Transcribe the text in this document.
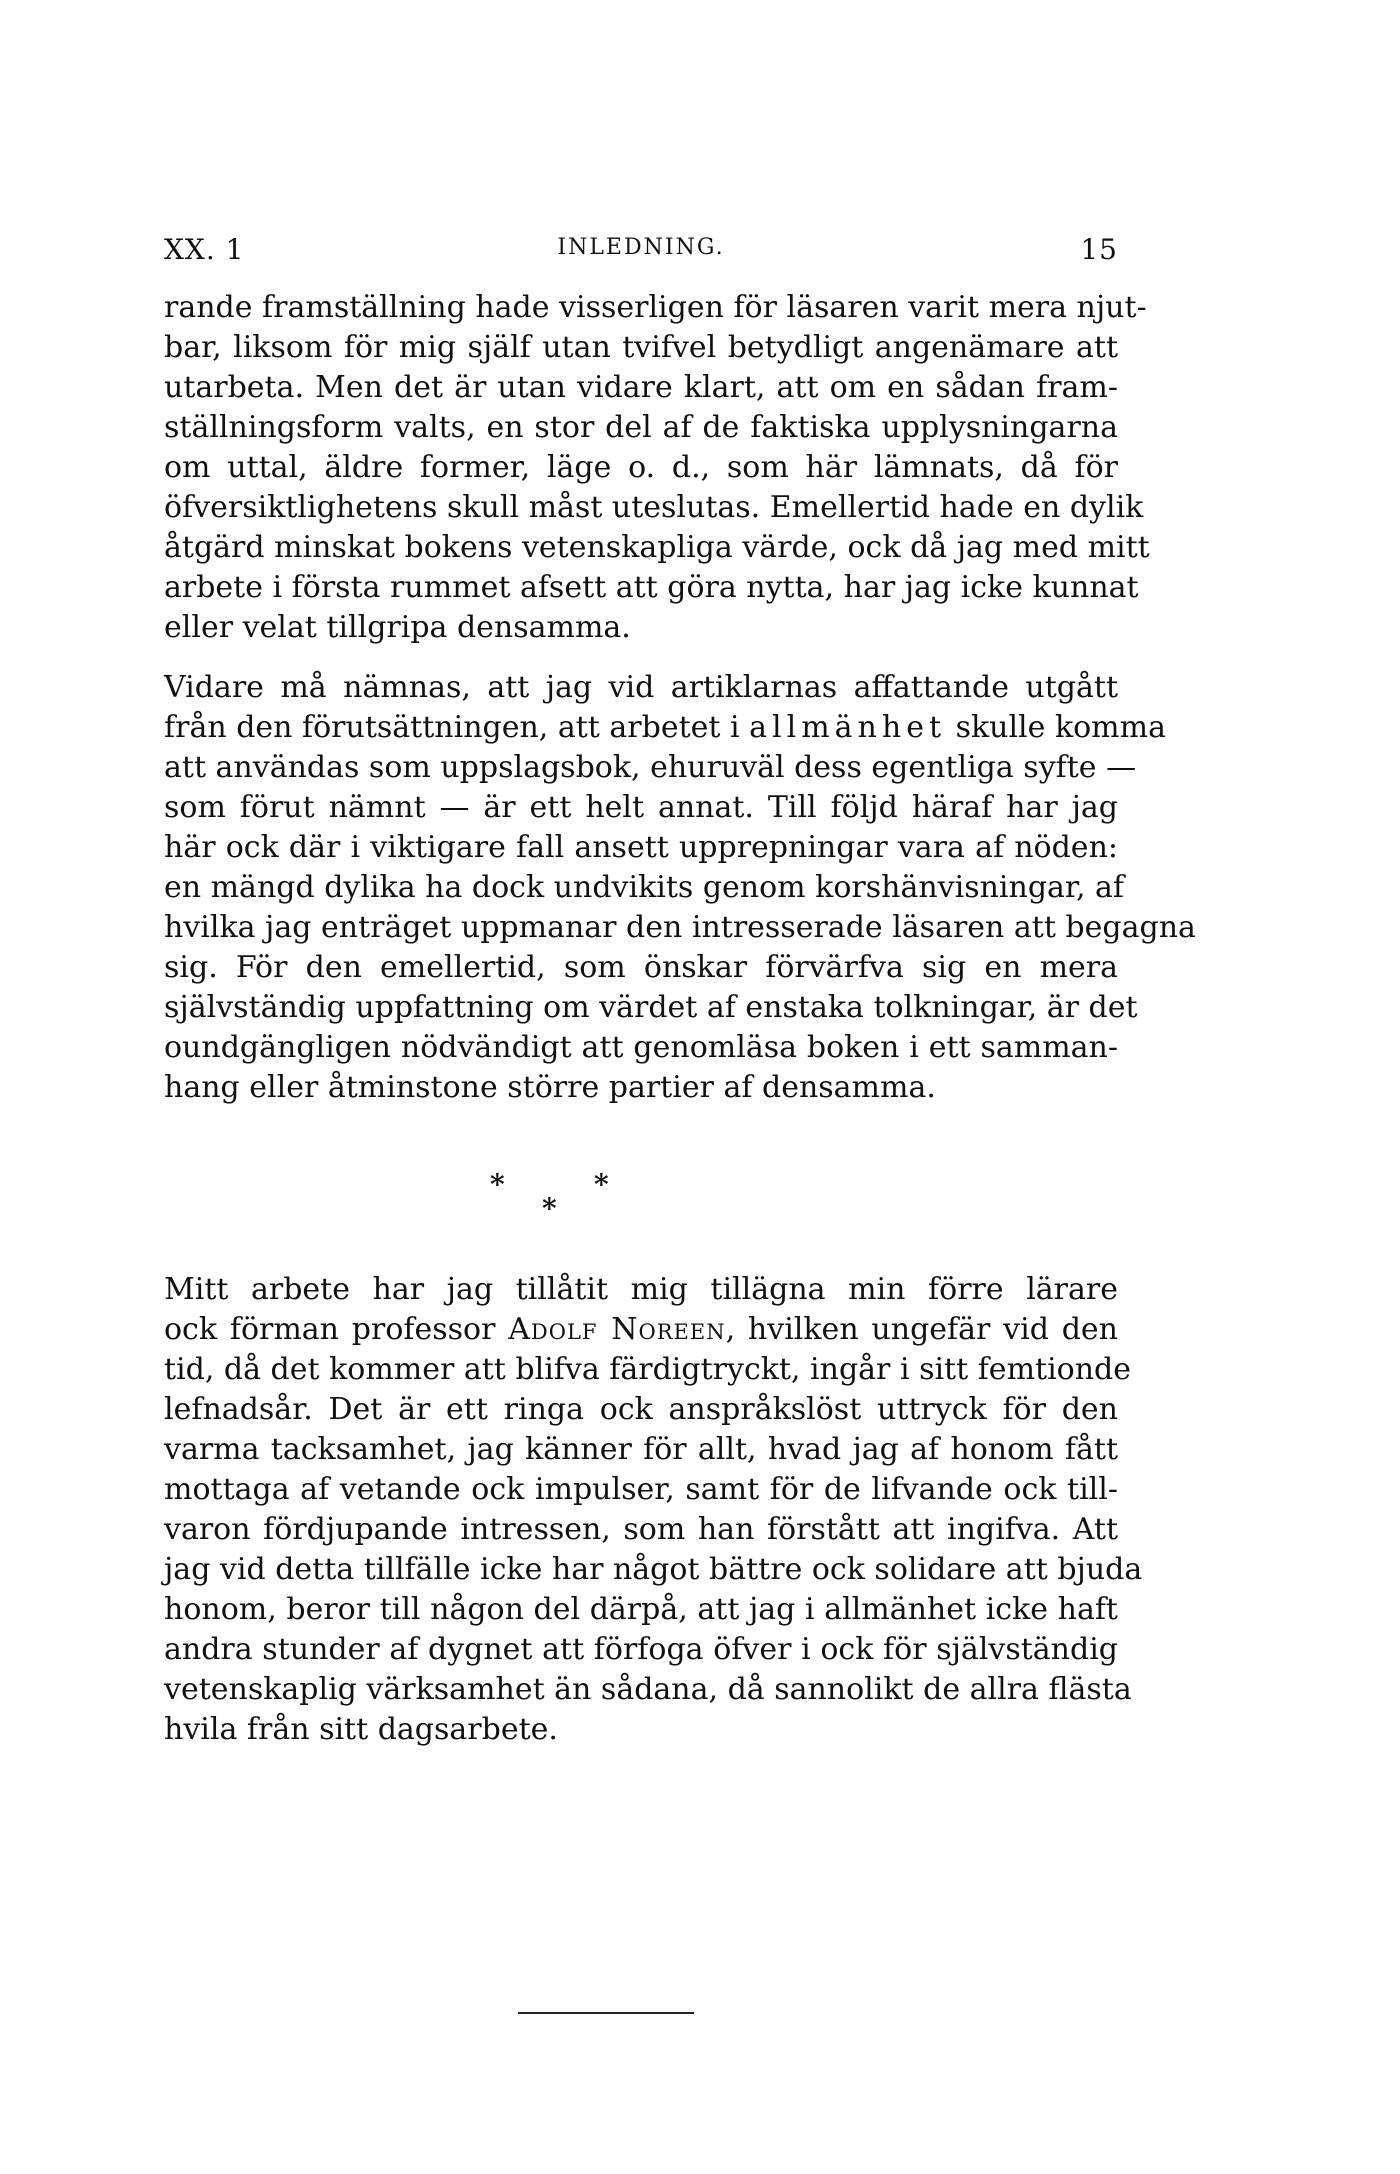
XX. 1	INLEDNING.	15
rande framställning hade visserligen för läsaren varit mera njut-
bar, liksom för mig själf utan tvifvel betydligt angenämare att
utarbeta. Men det är utan vidare klart, att om en sådan fram-
ställningsform valts, en stor del af de faktiska upplysningarna
om uttal, äldre former, läge o. d., som här lämnats, då för
öfversiktlighetens skull måst uteslutas. Emellertid hade en dylik
åtgärd minskat bokens vetenskapliga värde, ock då jag med mitt
arbete i första rummet afsett att göra nytta, har jag icke kunnat
eller velat tillgripa densamma.
Vidare må nämnas, att jag vid artiklarnas affattande utgått
från den förutsättningen, att arbetet i allmänhet skulle komma
att användas som uppslagsbok, ehuruväl dess egentliga syfte —
som förut nämnt — är ett helt annat. Till följd häraf har jag
här ock där i viktigare fall ansett upprepningar vara af nöden:
en mängd dylika ha dock undvikits genom korshänvisningar, af
hvilka jag enträget uppmanar den intresserade läsaren att begagna
sig. För den emellertid, som önskar förvärfva sig en mera
självständig uppfattning om värdet af enstaka tolkningar, är det
oundgängligen nödvändigt att genomläsa boken i ett samman-
hang eller åtminstone större partier af densamma.
*	*
*
Mitt arbete har jag tillåtit mig tillägna min förre lärare
ock förman professor Adolf Noreen, hvilken ungefär vid den
tid, då det kommer att blifva färdigtryckt, ingår i sitt femtionde
lefnadsår. Det är ett ringa ock anspråkslöst uttryck för den
varma tacksamhet, jag känner för allt, hvad jag af honom fått
mottaga af vetande ock impulser, samt för de lifvande ock till-
varon fördjupande intressen, som han förstått att ingifva. Att
jag vid detta tillfälle icke har något bättre ock solidare att bjuda
honom, beror till någon del därpå, att jag i allmänhet icke haft
andra stunder af dygnet att förfoga öfver i ock för självständig
vetenskaplig värksamhet än sådana, då sannolikt de allra flästa
hvila från sitt dagsarbete.
